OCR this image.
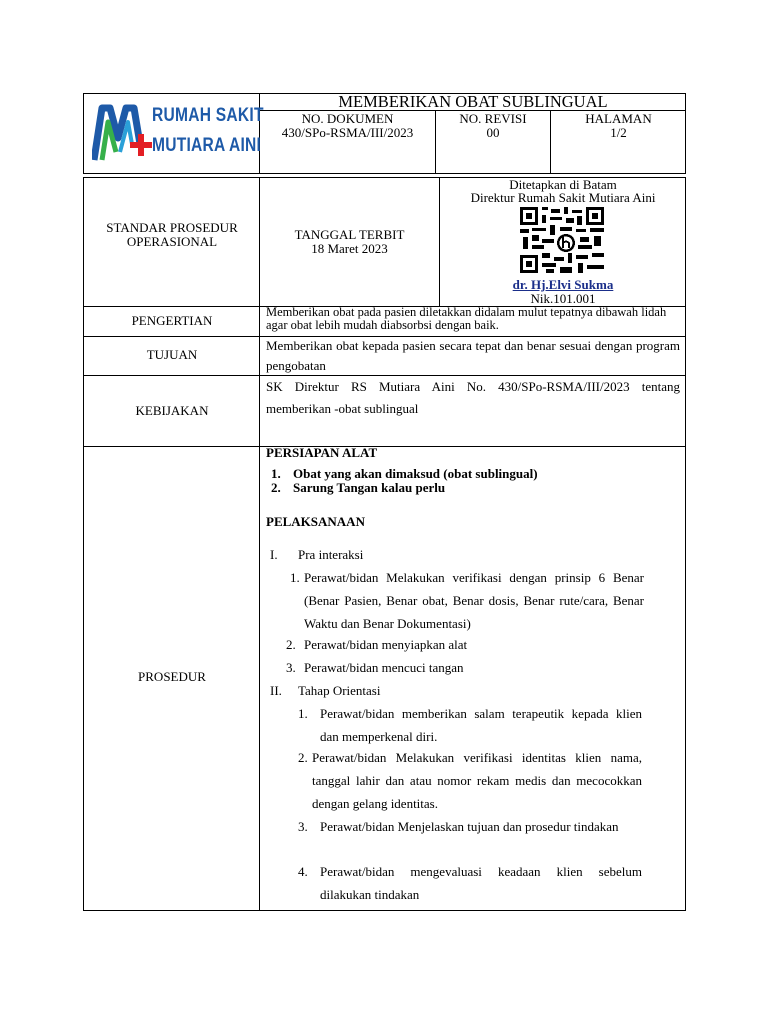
RUMAH SAKIT
MUTIARA AINI
MEMBERIKAN OBAT SUBLINGUAL
NO. DOKUMEN
430/SPo-RSMA/III/2023
NO. REVISI
00
HALAMAN
1/2
STANDAR PROSEDUR
OPERASIONAL	TANGGAL TERBIT
18 Maret 2023
Ditetapkan di Batam
Direktur Rumah Sakit Mutiara Aini
dr. Hj.Elvi Sukma
Nik.101.001
PENGERTIAN
Memberikan obat pada pasien diletakkan didalam mulut tepatnya dibawah lidah agar obat lebih mudah diabsorbsi dengan baik.
TUJUAN
Memberikan obat kepada pasien secara tepat dan benar sesuai dengan program pengobatan
KEBIJAKAN
SK Direktur RS Mutiara Aini No. 430/SPo-RSMA/III/2023 tentang memberikan -obat sublingual
PROSEDUR
PERSIAPAN ALAT
1. Obat yang akan dimaksud (obat sublingual)
2. Sarung Tangan kalau perlu
PELAKSANAAN
I. Pra interaksi
1. Perawat/bidan Melakukan verifikasi dengan prinsip 6 Benar (Benar Pasien, Benar obat, Benar dosis, Benar rute/cara, Benar Waktu dan Benar Dokumentasi)
2. Perawat/bidan menyiapkan alat
3. Perawat/bidan mencuci tangan
II. Tahap Orientasi
1. Perawat/bidan memberikan salam terapeutik kepada klien dan memperkenal diri.
2. Perawat/bidan Melakukan verifikasi identitas klien nama, tanggal lahir dan atau nomor rekam medis dan mecocokkan dengan gelang identitas.
3. Perawat/bidan Menjelaskan tujuan dan prosedur tindakan
4. Perawat/bidan mengevaluasi keadaan klien sebelum dilakukan tindakan
